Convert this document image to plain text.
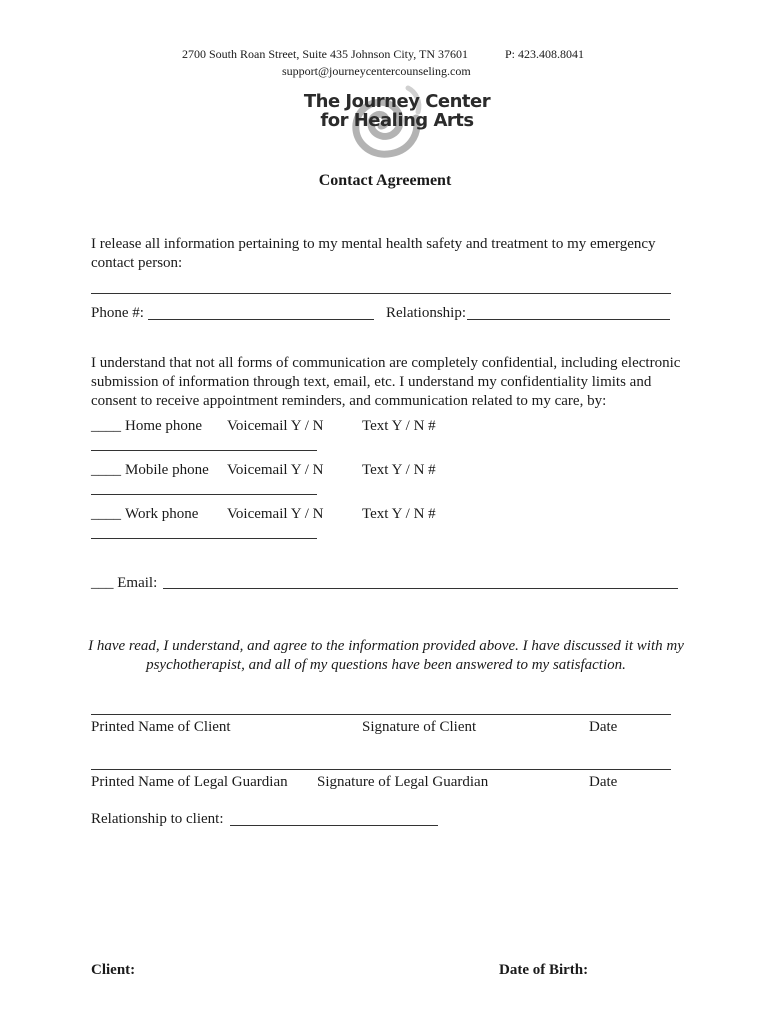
2700 South Roan Street, Suite 435 Johnson City, TN 37601	P: 423.408.8041
support@journeycentercounseling.com
The Journey Center
for Healing Arts
Contact Agreement
I release all information pertaining to my mental health safety and treatment to my emergency contact person:
Phone #:	Relationship:
I understand that not all forms of communication are completely confidential, including electronic submission of information through text, email, etc. I understand my confidentiality limits and consent to receive appointment reminders, and communication related to my care, by:
____ Home phone Voicemail Y / N	Text Y / N #
____ Mobile phone Voicemail Y / N	Text Y / N #
____ Work phone Voicemail Y / N	Text Y / N #
___ Email:
I have read, I understand, and agree to the information provided above. I have discussed it with my psychotherapist, and all of my questions have been answered to my satisfaction.
Printed Name of Client	Signature of Client	Date
Printed Name of Legal Guardian Signature of Legal Guardian	Date
Relationship to client:
Client:	Date of Birth:
